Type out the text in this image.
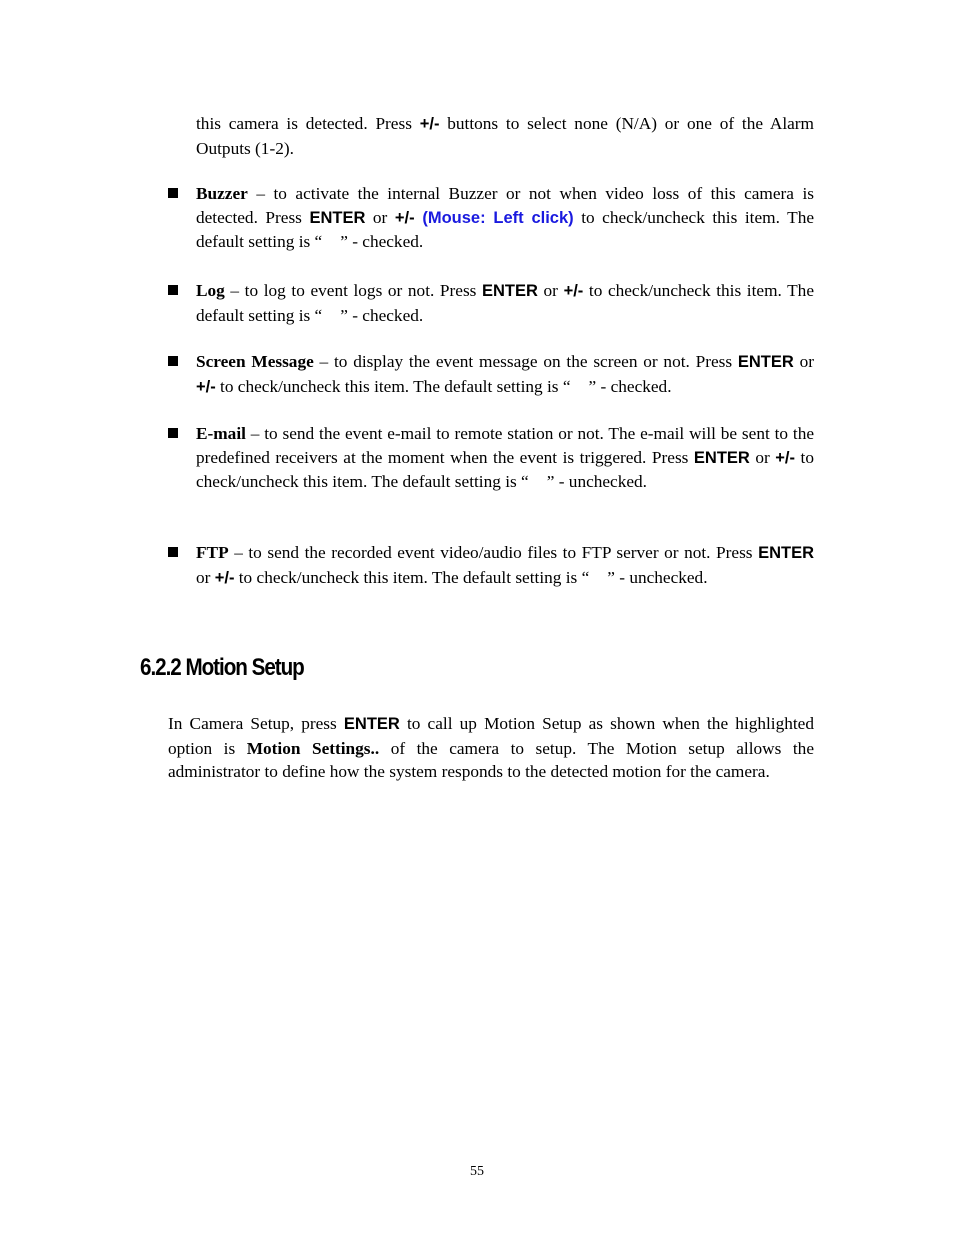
this camera is detected. Press +/- buttons to select none (N/A) or one of the Alarm Outputs (1-2).
Buzzer – to activate the internal Buzzer or not when video loss of this camera is detected. Press ENTER or +/- (Mouse: Left click) to check/uncheck this item. The default setting is “ ” - checked.
Log – to log to event logs or not. Press ENTER or +/- to check/uncheck this item. The default setting is “ ” - checked.
Screen Message – to display the event message on the screen or not. Press ENTER or +/- to check/uncheck this item. The default setting is “ ” - checked.
E-mail – to send the event e-mail to remote station or not. The e-mail will be sent to the predefined receivers at the moment when the event is triggered. Press ENTER or +/- to check/uncheck this item. The default setting is “ ” - unchecked.
FTP – to send the recorded event video/audio files to FTP server or not. Press ENTER or +/- to check/uncheck this item. The default setting is “ ” - unchecked.
6.2.2 Motion Setup
In Camera Setup, press ENTER to call up Motion Setup as shown when the highlighted option is Motion Settings.. of the camera to setup. The Motion setup allows the administrator to define how the system responds to the detected motion for the camera.
55
